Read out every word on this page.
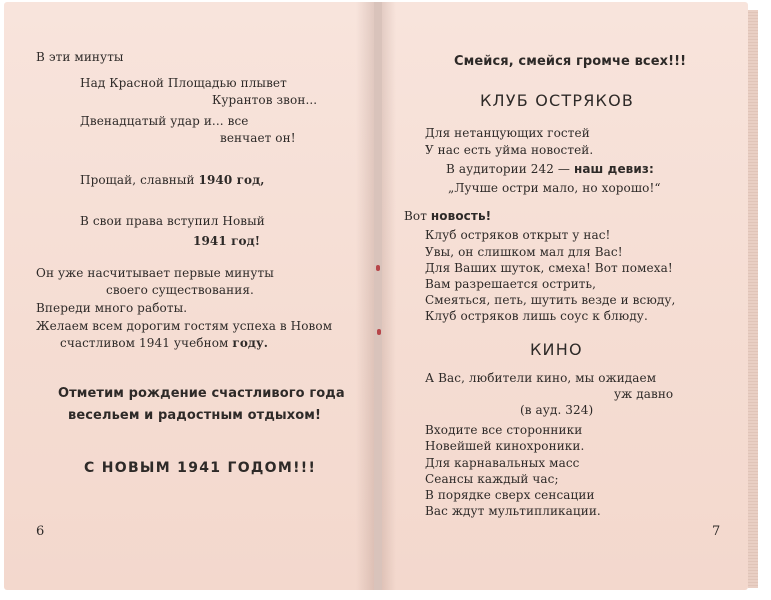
В эти минуты
Над Красной Площадью плывет
Курантов звон...
Двенадцатый удар и... все
венчает он!
Прощай, славный 1940 год,
В свои права вступил Новый
1941 год!
Он уже насчитывает первые минуты
своего существования.
Впереди много работы.
Желаем всем дорогим гостям успеха в Новом
счастливом 1941 учебном году.
Отметим рождение счастливого года
весельем и радостным отдыхом!
С НОВЫМ 1941 ГОДОМ!!!
6
Смейся, смейся громче всех!!!
КЛУБ ОСТРЯКОВ
Для нетанцующих гостей
У нас есть уйма новостей.
В аудитории 242 — наш девиз:
„Лучше остри мало, но хорошо!“
Вот новость!
Клуб остряков открыт у нас!
Увы, он слишком мал для Вас!
Для Ваших шуток, смеха! Вот помеха!
Вам разрешается острить,
Смеяться, петь, шутить везде и всюду,
Клуб остряков лишь соус к блюду.
КИНО
А Вас, любители кино, мы ожидаем
уж давно
(в ауд. 324)
Входите все сторонники
Новейшей кинохроники.
Для карнавальных масс
Сеансы каждый час;
В порядке сверх сенсации
Вас ждут мультипликации.
7
